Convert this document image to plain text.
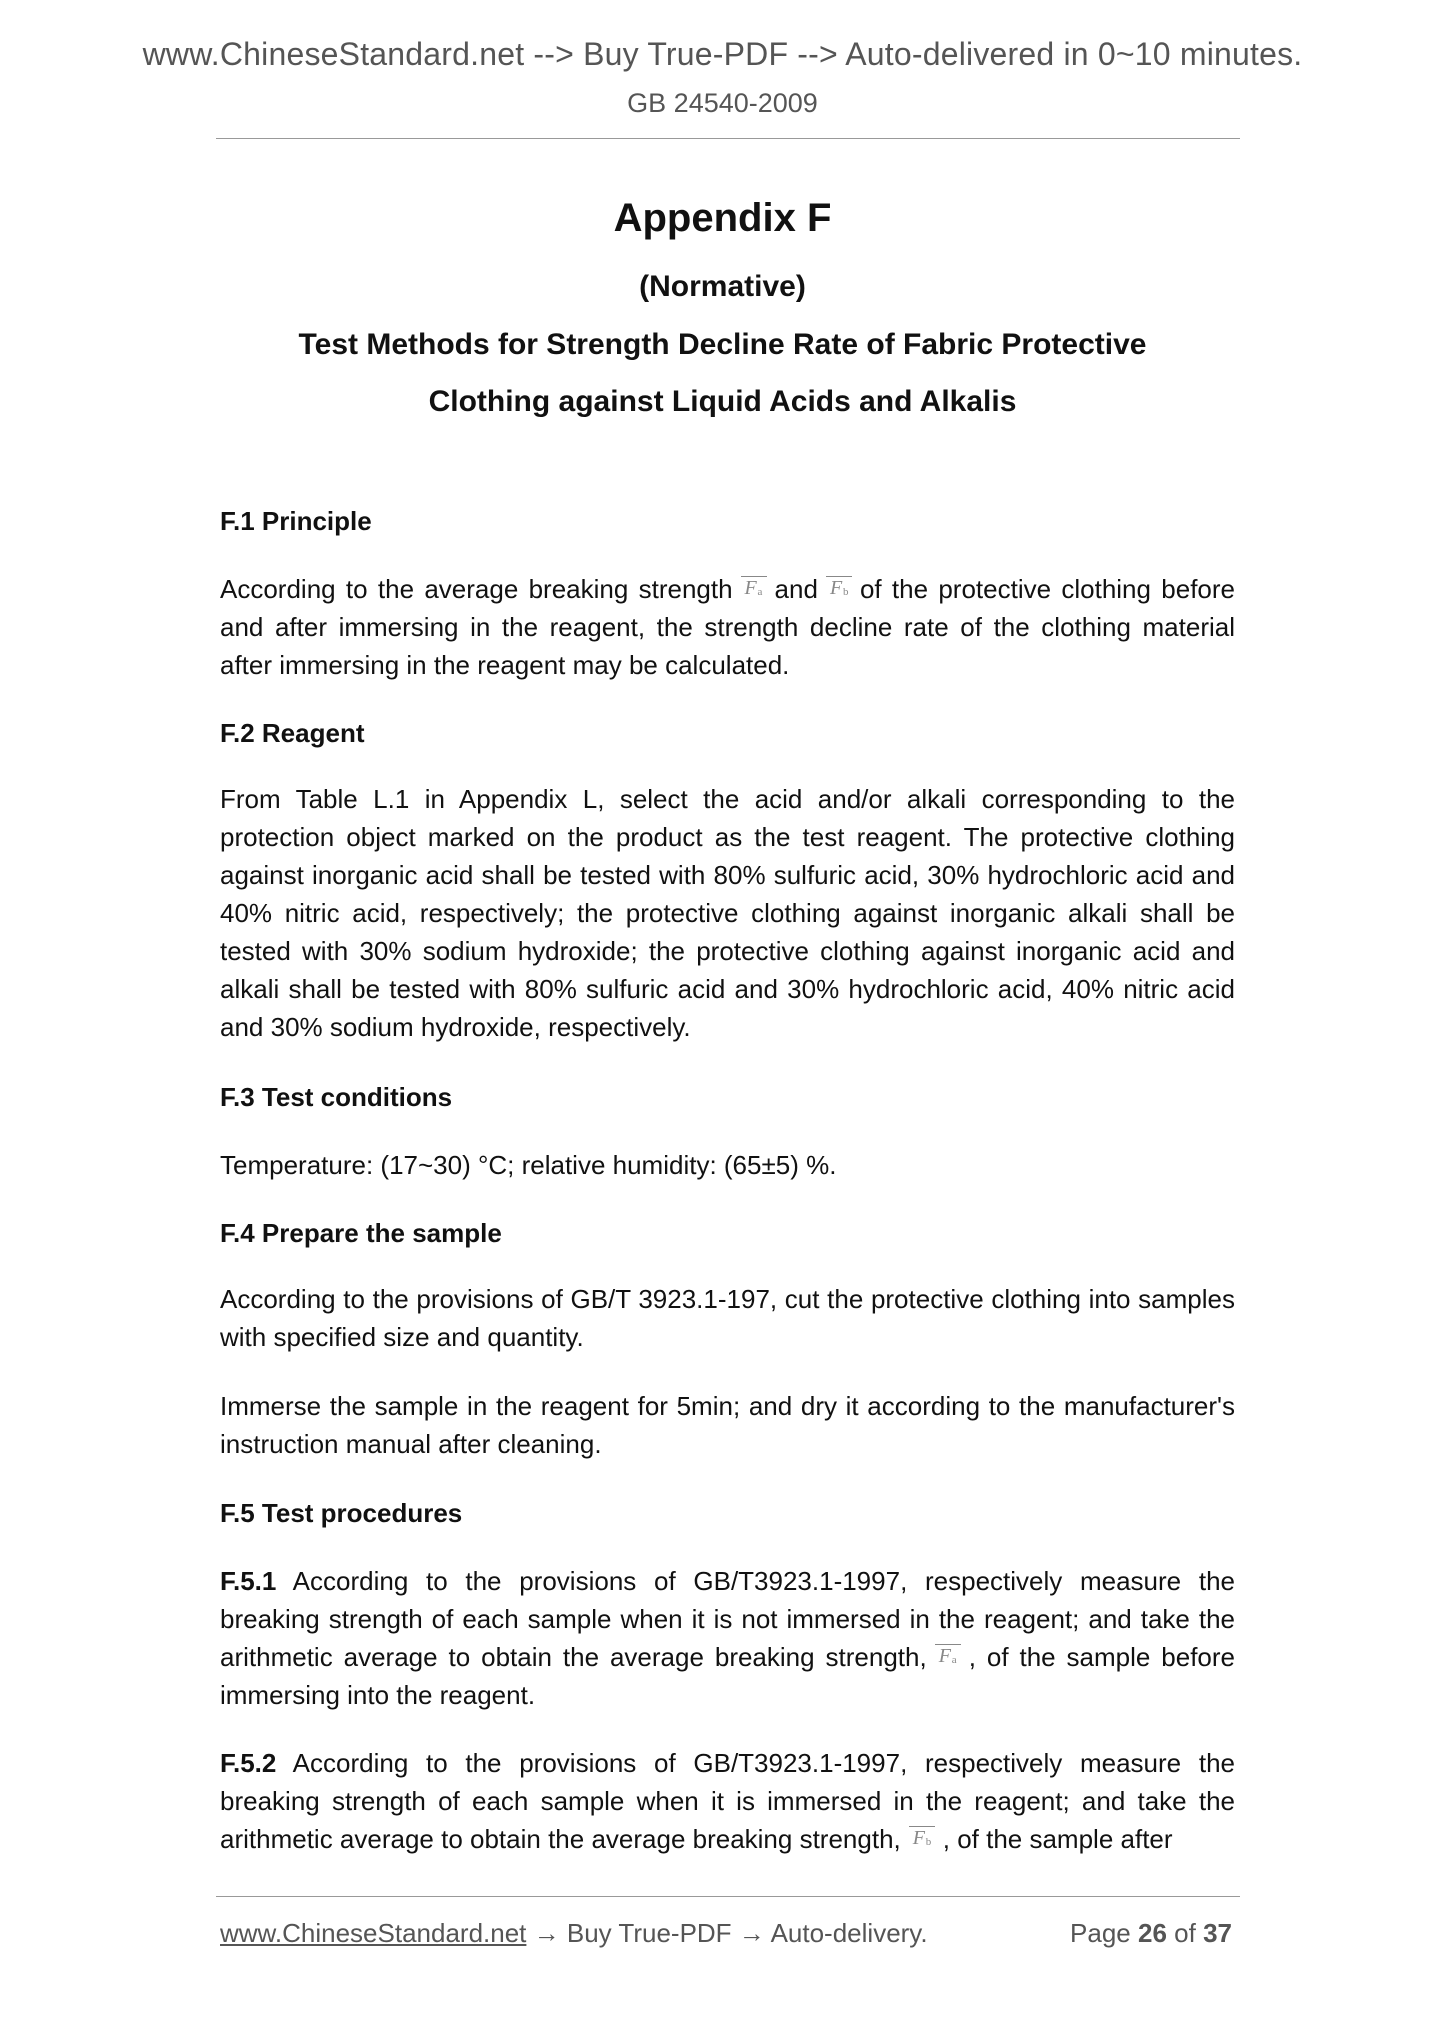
www.ChineseStandard.net --> Buy True-PDF --> Auto-delivered in 0~10 minutes.
GB 24540-2009
Appendix F
(Normative)
Test Methods for Strength Decline Rate of Fabric Protective
Clothing against Liquid Acids and Alkalis
F.1 Principle
According to the average breaking strength F a and F b of the protective clothing before and after immersing in the reagent, the strength decline rate of the clothing material after immersing in the reagent may be calculated.
F.2 Reagent
From Table L.1 in Appendix L, select the acid and/or alkali corresponding to the protection object marked on the product as the test reagent. The protective clothing against inorganic acid shall be tested with 80% sulfuric acid, 30% hydrochloric acid and 40% nitric acid, respectively; the protective clothing against inorganic alkali shall be tested with 30% sodium hydroxide; the protective clothing against inorganic acid and alkali shall be tested with 80% sulfuric acid and 30% hydrochloric acid, 40% nitric acid and 30% sodium hydroxide, respectively.
F.3 Test conditions
Temperature: (17~30) °C; relative humidity: (65±5) %.
F.4 Prepare the sample
According to the provisions of GB/T 3923.1-197, cut the protective clothing into samples with specified size and quantity.
Immerse the sample in the reagent for 5min; and dry it according to the manufacturer's instruction manual after cleaning.
F.5 Test procedures
F.5.1 According to the provisions of GB/T3923.1-1997, respectively measure the breaking strength of each sample when it is not immersed in the reagent; and take the arithmetic average to obtain the average breaking strength, F a , of the sample before immersing into the reagent.
F.5.2 According to the provisions of GB/T3923.1-1997, respectively measure the breaking strength of each sample when it is immersed in the reagent; and take the arithmetic average to obtain the average breaking strength, F b , of the sample after
www.ChineseStandard.net → Buy True-PDF → Auto-delivery.	Page 26 of 37
